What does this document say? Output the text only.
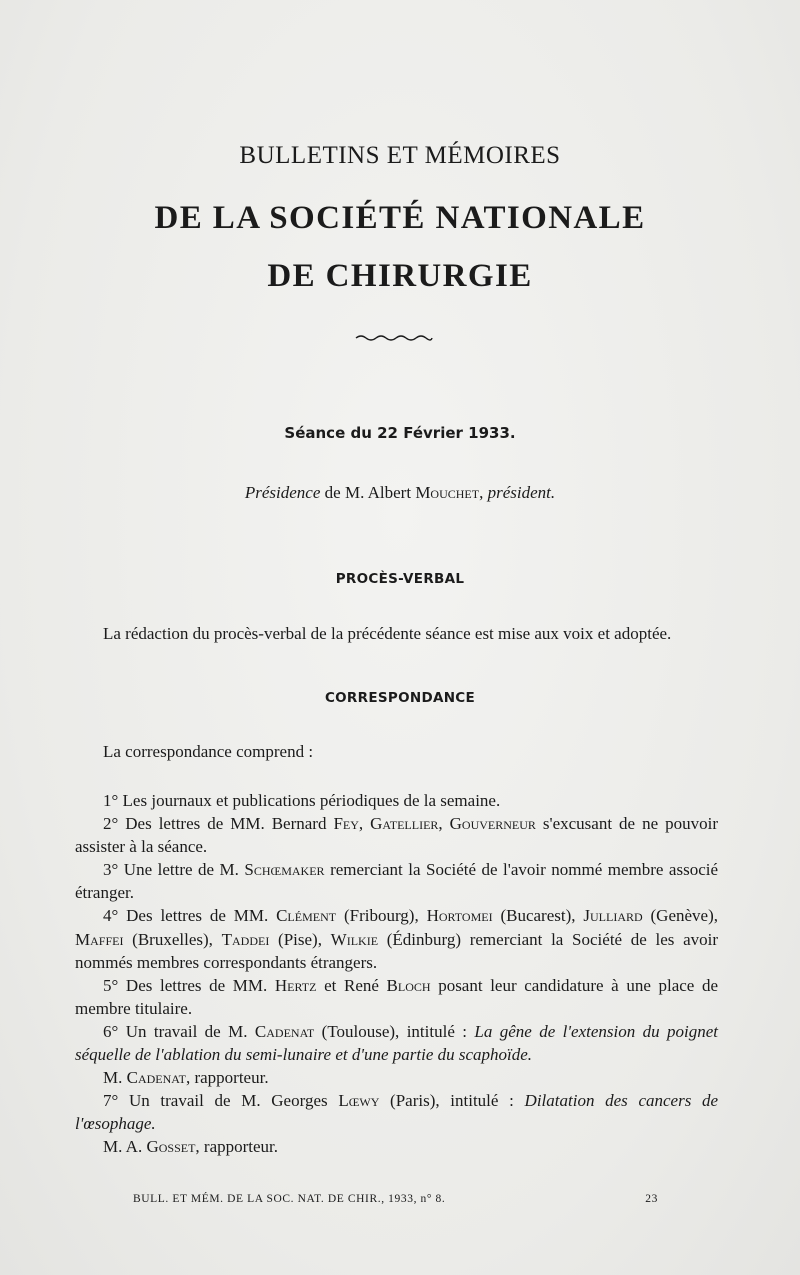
BULLETINS ET MÉMOIRES
DE LA SOCIÉTÉ NATIONALE
DE CHIRURGIE
Séance du 22 Février 1933.
Présidence de M. Albert Mouchet, président.
PROCÈS-VERBAL
La rédaction du procès-verbal de la précédente séance est mise aux voix et adoptée.
CORRESPONDANCE
La correspondance comprend :

1° Les journaux et publications périodiques de la semaine.

2° Des lettres de MM. Bernard Fey, Gatellier, Gouverneur s'excusant de ne pouvoir assister à la séance.

3° Une lettre de M. Schœmaker remerciant la Société de l'avoir nommé membre associé étranger.

4° Des lettres de MM. Clément (Fribourg), Hortomei (Bucarest), Julliard (Genève), Maffei (Bruxelles), Taddei (Pise), Wilkie (Édinburg) remerciant la Société de les avoir nommés membres correspondants étrangers.

5° Des lettres de MM. Hertz et René Bloch posant leur candidature à une place de membre titulaire.

6° Un travail de M. Cadenat (Toulouse), intitulé : La gêne de l'extension du poignet séquelle de l'ablation du semi-lunaire et d'une partie du scaphoïde.

M. Cadenat, rapporteur.

7° Un travail de M. Georges Lœwy (Paris), intitulé : Dilatation des cancers de l'œsophage.

M. A. Gosset, rapporteur.

BULL. ET MÉM. DE LA SOC. NAT. DE CHIR., 1933, n° 8.	23
